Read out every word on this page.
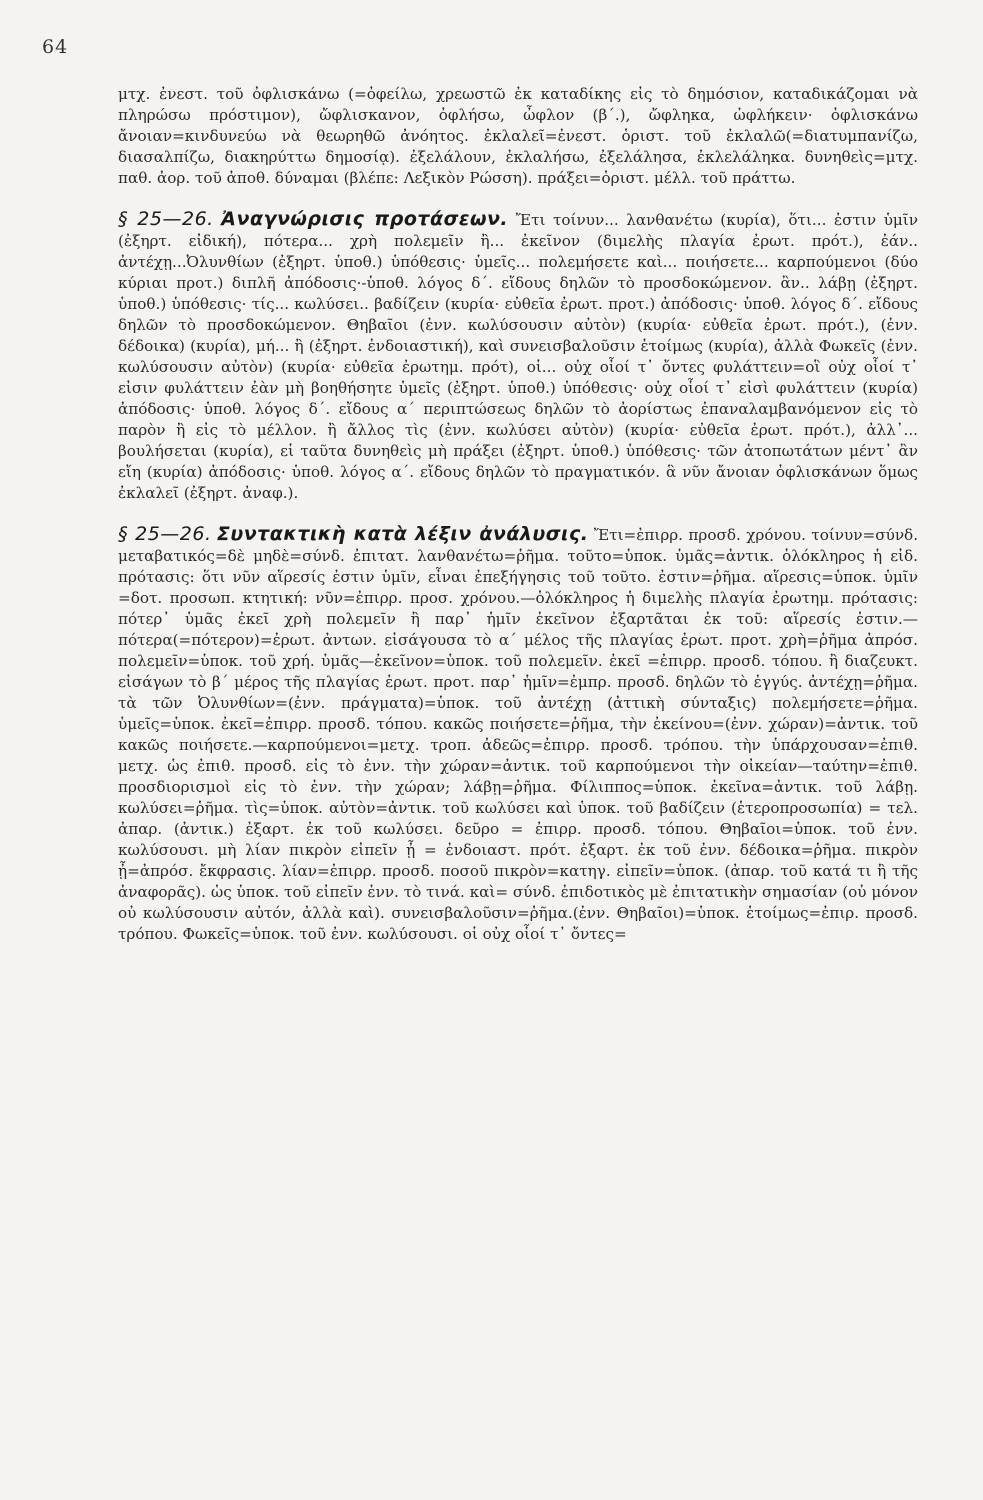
64

μτχ. ἐνεστ. τοῦ ὀφλισκάνω (=ὀφείλω, χρεωστῶ ἐκ καταδίκης εἰς τὸ δημόσιον, καταδικάζομαι νὰ πληρώσω πρόστιμον), ὤφλισκανον, ὀφλήσω, ὦφλον (β΄.), ὤφληκα, ὠφλήκειν· ὀφλισκάνω ἄνοιαν=κινδυνεύω νὰ θεωρηθῶ ἀνόητος. ἐκλαλεῖ=ἐνεστ. ὁριστ. τοῦ ἐκλαλῶ(=διατυμπανίζω, διασαλπίζω, διακηρύττω δημοσίᾳ). ἐξελάλουν, ἐκλαλήσω, ἐξελάλησα, ἐκλελάληκα. δυνηθεὶς=μτχ. παθ. ἀορ. τοῦ ἀποθ. δύναμαι (βλέπε: Λεξικὸν Ρώσση). πράξει=ὁριστ. μέλλ. τοῦ πράττω.

§ 25—26. Ἀναγνώρισις προτάσεων. Ἔτι τοίνυν... λανθανέτω (κυρία), ὅτι... ἐστιν ὑμῖν (ἐξηρτ. εἰδική), πότερα... χρὴ πολεμεῖν ἢ... ἐκεῖνον (διμελὴς πλαγία ἐρωτ. πρότ.), ἐάν.. ἀντέχῃ...Ὀλυνθίων (ἐξηρτ. ὑποθ.) ὑπόθεσις· ὑμεῖς... πολεμήσετε καὶ... ποιήσετε... καρπούμενοι (δύο κύριαι προτ.) διπλῆ ἀπόδοσις·-ὑποθ. λόγος δ΄. εἴδους δηλῶν τὸ προσδοκώμενον. ἂν.. λάβῃ (ἐξηρτ. ὑποθ.) ὑπόθεσις· τίς... κωλύσει.. βαδίζειν (κυρία· εὐθεῖα ἐρωτ. προτ.) ἀπόδοσις· ὑποθ. λόγος δ΄. εἴδους δηλῶν τὸ προσδοκώμενον. Θηβαῖοι (ἐνν. κωλύσουσιν αὐτὸν) (κυρία· εὐθεῖα ἐρωτ. πρότ.), (ἐνν. δέδοικα) (κυρία), μή... ἢ (ἐξηρτ. ἐνδοιαστική), καὶ συνεισβαλοῦσιν ἑτοίμως (κυρία), ἀλλὰ Φωκεῖς (ἐνν. κωλύσουσιν αὐτὸν) (κυρία· εὐθεῖα ἐρωτημ. πρότ), οἱ... οὐχ οἷοί τ᾽ ὄντες φυλάττειν=οἳ οὐχ οἷοί τ᾽ εἰσιν φυλάττειν ἐὰν μὴ βοηθήσητε ὑμεῖς (ἐξηρτ. ὑποθ.) ὑπόθεσις· οὐχ οἷοί τ᾽ εἰσὶ φυλάττειν (κυρία) ἀπόδοσις· ὑποθ. λόγος δ΄. εἴδους α΄ περιπτώσεως δηλῶν τὸ ἀορίστως ἐπαναλαμβανόμενον εἰς τὸ παρὸν ἢ εἰς τὸ μέλλον. ἢ ἄλλος τὶς (ἐνν. κωλύσει αὐτὸν) (κυρία· εὐθεῖα ἐρωτ. πρότ.), ἀλλ᾽... βουλήσεται (κυρία), εἰ ταῦτα δυνηθεὶς μὴ πράξει (ἐξηρτ. ὑποθ.) ὑπόθεσις· τῶν ἀτοπωτάτων μέντ᾽ ἂν εἴη (κυρία) ἀπόδοσις· ὑποθ. λόγος α΄. εἴδους δηλῶν τὸ πραγματικόν. ἃ νῦν ἄνοιαν ὀφλισκάνων ὅμως ἐκλαλεῖ (ἐξηρτ. ἀναφ.).

§ 25—26. Συντακτικὴ κατὰ λέξιν ἀνάλυσις. Ἔτι=ἐπιρρ. προσδ. χρόνου. τοίνυν=σύνδ. μεταβατικός=δὲ μηδὲ=σύνδ. ἐπιτατ. λανθανέτω=ῥῆμα. τοῦτο=ὑποκ. ὑμᾶς=ἀντικ. ὁλόκληρος ἡ εἰδ. πρότασις: ὅτι νῦν αἵρεσίς ἐστιν ὑμῖν, εἶναι ἐπεξήγησις τοῦ τοῦτο. ἐστιν=ῥῆμα. αἵρεσις=ὑποκ. ὑμῖν =δοτ. προσωπ. κτητική: νῦν=ἐπιρρ. προσ. χρόνου.—ὁλόκληρος ἡ διμελὴς πλαγία ἐρωτημ. πρότασις: πότερ᾽ ὑμᾶς ἐκεῖ χρὴ πολεμεῖν ἢ παρ᾽ ἡμῖν ἐκεῖνον ἐξαρτᾶται ἐκ τοῦ: αἵρεσίς ἐστιν.—πότερα(=πότερον)=ἐρωτ. ἀντων. εἰσάγουσα τὸ α΄ μέλος τῆς πλαγίας ἐρωτ. προτ. χρὴ=ῥῆμα ἀπρόσ. πολεμεῖν=ὑποκ. τοῦ χρή. ὑμᾶς—ἐκεῖνον=ὑποκ. τοῦ πολεμεῖν. ἐκεῖ =ἐπιρρ. προσδ. τόπου. ἢ διαζευκτ. εἰσάγων τὸ β΄ μέρος τῆς πλαγίας ἐρωτ. προτ. παρ᾽ ἡμῖν=ἐμπρ. προσδ. δηλῶν τὸ ἐγγύς. ἀντέχῃ=ῥῆμα. τὰ τῶν Ὀλυνθίων=(ἐνν. πράγματα)=ὑποκ. τοῦ ἀντέχῃ (ἀττικὴ σύνταξις) πολεμήσετε=ῥῆμα. ὑμεῖς=ὑποκ. ἐκεῖ=ἐπιρρ. προσδ. τόπου. κακῶς ποιήσετε=ῥῆμα, τὴν ἐκείνου=(ἐνν. χώραν)=ἀντικ. τοῦ κακῶς ποιήσετε.—καρπούμενοι=μετχ. τροπ. ἀδεῶς=ἐπιρρ. προσδ. τρόπου. τὴν ὑπάρχουσαν=ἐπιθ. μετχ. ὡς ἐπιθ. προσδ. εἰς τὸ ἐνν. τὴν χώραν=ἀντικ. τοῦ καρπούμενοι τὴν οἰκείαν—ταύτην=ἐπιθ. προσδιορισμοὶ εἰς τὸ ἐνν. τὴν χώραν; λάβῃ=ῥῆμα. Φίλιππος=ὑποκ. ἐκεῖνα=ἀντικ. τοῦ λάβῃ. κωλύσει=ῥῆμα. τὶς=ὑποκ. αὐτὸν=ἀντικ. τοῦ κωλύσει καὶ ὑποκ. τοῦ βαδίζειν (ἑτεροπροσωπία) = τελ. ἀπαρ. (ἀντικ.) ἐξαρτ. ἐκ τοῦ κωλύσει. δεῦρο = ἐπιρρ. προσδ. τόπου. Θηβαῖοι=ὑποκ. τοῦ ἐνν. κωλύσουσι. μὴ λίαν πικρὸν εἰπεῖν ᾖ = ἐνδοιαστ. πρότ. ἐξαρτ. ἐκ τοῦ ἐνν. δέδοικα=ῥῆμα. πικρὸν ᾖ=ἀπρόσ. ἔκφρασις. λίαν=ἐπιρρ. προσδ. ποσοῦ πικρὸν=κατηγ. εἰπεῖν=ὑποκ. (ἀπαρ. τοῦ κατά τι ἢ τῆς ἀναφορᾶς). ὡς ὑποκ. τοῦ εἰπεῖν ἐνν. τὸ τινά. καὶ= σύνδ. ἐπιδοτικὸς μὲ ἐπιτατικὴν σημασίαν (οὐ μόνον οὐ κωλύσουσιν αὐτόν, ἀλλὰ καὶ). συνεισβαλοῦσιν=ῥῆμα.(ἐνν. Θηβαῖοι)=ὑποκ. ἑτοίμως=ἐπιρ. προσδ. τρόπου. Φωκεῖς=ὑποκ. τοῦ ἐνν. κωλύσουσι. οἱ οὐχ οἷοί τ᾽ ὄντες=
